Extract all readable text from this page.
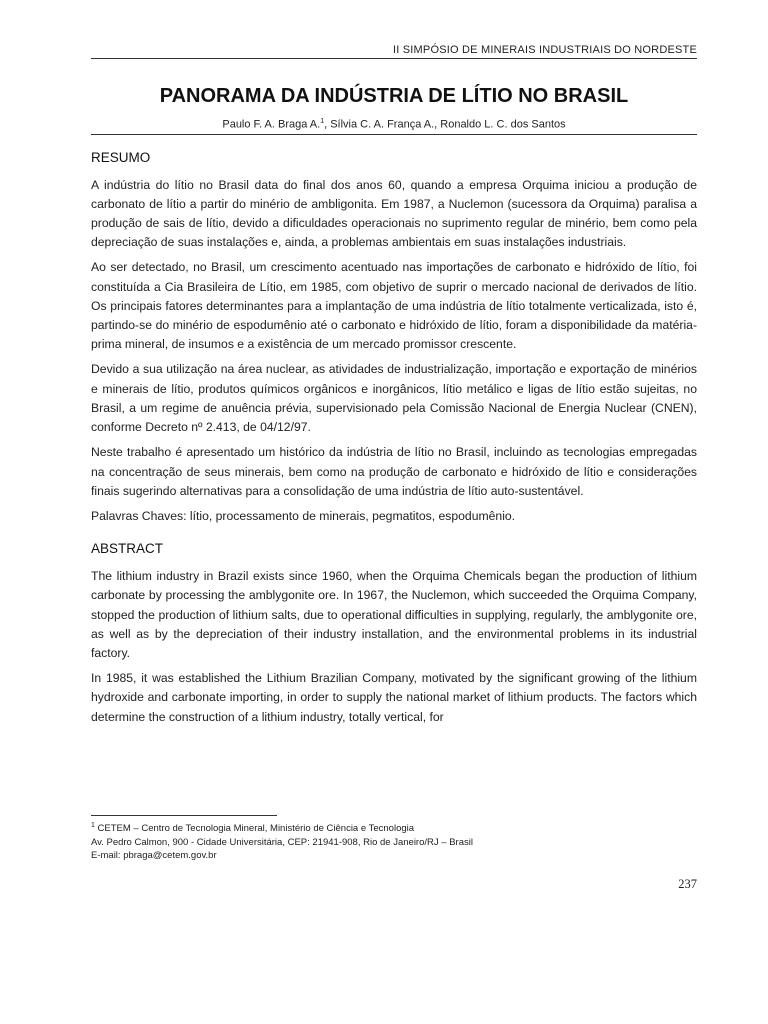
II SIMPÓSIO DE MINERAIS INDUSTRIAIS DO NORDESTE
PANORAMA DA INDÚSTRIA DE LÍTIO NO BRASIL
Paulo F. A. Braga A.$^1$, Sílvia C. A. França A., Ronaldo L. C. dos Santos
RESUMO

A indústria do lítio no Brasil data do final dos anos 60, quando a empresa Orquima iniciou a produção de carbonato de lítio a partir do minério de ambligonita. Em 1987, a Nuclemon (sucessora da Orquima) paralisa a produção de sais de lítio, devido a dificuldades operacionais no suprimento regular de minério, bem como pela depreciação de suas instalações e, ainda, a problemas ambientais em suas instalações industriais.

Ao ser detectado, no Brasil, um crescimento acentuado nas importações de carbonato e hidróxido de lítio, foi constituída a Cia Brasileira de Lítio, em 1985, com objetivo de suprir o mercado nacional de derivados de lítio. Os principais fatores determinantes para a implantação de uma indústria de lítio totalmente verticalizada, isto é, partindo-se do minério de espodumênio até o carbonato e hidróxido de lítio, foram a disponibilidade da matéria-prima mineral, de insumos e a existência de um mercado promissor crescente.

Devido a sua utilização na área nuclear, as atividades de industrialização, importação e exportação de minérios e minerais de lítio, produtos químicos orgânicos e inorgânicos, lítio metálico e ligas de lítio estão sujeitas, no Brasil, a um regime de anuência prévia, supervisionado pela Comissão Nacional de Energia Nuclear (CNEN), conforme Decreto nº 2.413, de 04/12/97.

Neste trabalho é apresentado um histórico da indústria de lítio no Brasil, incluindo as tecnologias empregadas na concentração de seus minerais, bem como na produção de carbonato e hidróxido de lítio e considerações finais sugerindo alternativas para a consolidação de uma indústria de lítio auto-sustentável.

Palavras Chaves: lítio, processamento de minerais, pegmatitos, espodumênio.

ABSTRACT

The lithium industry in Brazil exists since 1960, when the Orquima Chemicals began the production of lithium carbonate by processing the amblygonite ore. In 1967, the Nuclemon, which succeeded the Orquima Company, stopped the production of lithium salts, due to operational difficulties in supplying, regularly, the amblygonite ore, as well as by the depreciation of their industry installation, and the environmental problems in its industrial factory.

In 1985, it was established the Lithium Brazilian Company, motivated by the significant growing of the lithium hydroxide and carbonate importing, in order to supply the national market of lithium products. The factors which determine the construction of a lithium industry, totally vertical, for

$^1$ CETEM – Centro de Tecnologia Mineral, Ministério de Ciência e Tecnologia
Av. Pedro Calmon, 900 - Cidade Universitária, CEP: 21941-908, Rio de Janeiro/RJ – Brasil
E-mail: pbraga@cetem.gov.br
237
